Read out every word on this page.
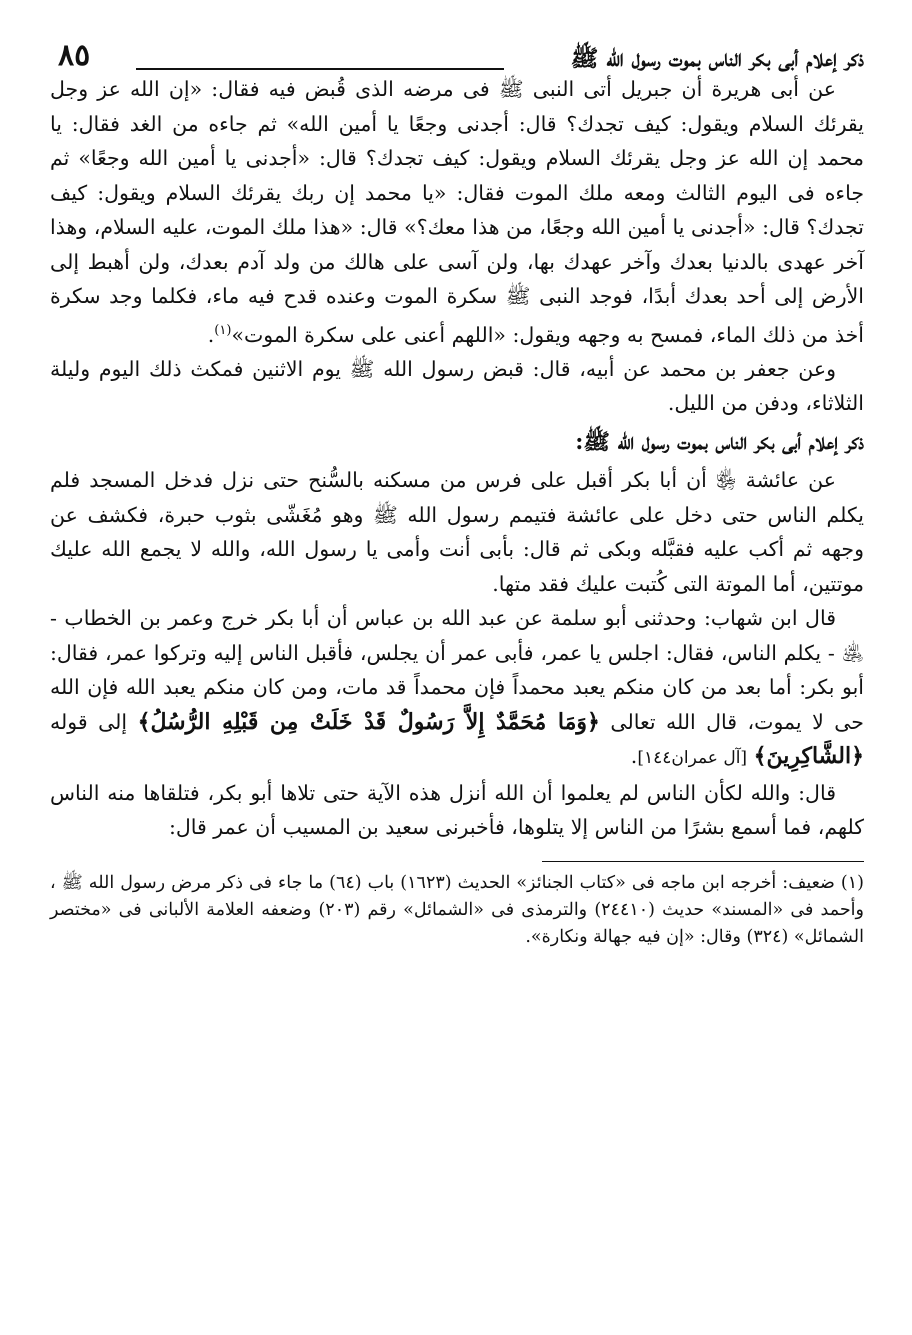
ذكر إعلام أبى بكر الناس بموت رسول الله ﷺ
٨٥

عن أبى هريرة أن جبريل أتى النبى ﷺ فى مرضه الذى قُبض فيه فقال: «إن الله عز وجل يقرئك السلام ويقول: كيف تجدك؟ قال: أجدنى وجعًا يا أمين الله» ثم جاءه من الغد فقال: يا محمد إن الله عز وجل يقرئك السلام ويقول: كيف تجدك؟ قال: «أجدنى يا أمين الله وجعًا» ثم جاءه فى اليوم الثالث ومعه ملك الموت فقال: «يا محمد إن ربك يقرئك السلام ويقول: كيف تجدك؟ قال: «أجدنى يا أمين الله وجعًا، من هذا معك؟» قال: «هذا ملك الموت، عليه السلام، وهذا آخر عهدى بالدنيا بعدك وآخر عهدك بها، ولن آسى على هالك من ولد آدم بعدك، ولن أهبط إلى الأرض إلى أحد بعدك أبدًا، فوجد النبى ﷺ سكرة الموت وعنده قدح فيه ماء، فكلما وجد سكرة أخذ من ذلك الماء، فمسح به وجهه ويقول: «اللهم أعنى على سكرة الموت»$^{(١)}$.

وعن جعفر بن محمد عن أبيه، قال: قبض رسول الله ﷺ يوم الاثنين فمكث ذلك اليوم وليلة الثلاثاء، ودفن من الليل.

ذكر إعلام أبى بكر الناس بموت رسول الله ﷺ:

عن عائشة ﵂ أن أبا بكر أقبل على فرس من مسكنه بالسُّنح حتى نزل فدخل المسجد فلم يكلم الناس حتى دخل على عائشة فتيمم رسول الله ﷺ وهو مُغَشّى بثوب حبرة، فكشف عن وجهه ثم أكب عليه فقبَّله وبكى ثم قال: بأبى أنت وأمى يا رسول الله، والله لا يجمع الله عليك موتتين، أما الموتة التى كُتبت عليك فقد متها.

قال ابن شهاب: وحدثنى أبو سلمة عن عبد الله بن عباس أن أبا بكر خرج وعمر بن الخطاب - ﵁ - يكلم الناس، فقال: اجلس يا عمر، فأبى عمر أن يجلس، فأقبل الناس إليه وتركوا عمر، فقال: أبو بكر: أما بعد من كان منكم يعبد محمداً فإن محمداً قد مات، ومن كان منكم يعبد الله فإن الله حى لا يموت، قال الله تعالى ﴿وَمَا مُحَمَّدٌ إِلاَّ رَسُولٌ قَدْ خَلَتْ مِن قَبْلِهِ الرُّسُلُ﴾ إلى قوله ﴿الشَّاكِرِينَ﴾ [آل عمران١٤٤].

قال: والله لكأن الناس لم يعلموا أن الله أنزل هذه الآية حتى تلاها أبو بكر، فتلقاها منه الناس كلهم، فما أسمع بشرًا من الناس إلا يتلوها، فأخبرنى سعيد بن المسيب أن عمر قال:

(١) ضعيف: أخرجه ابن ماجه فى «كتاب الجنائز» الحديث (١٦٢٣) باب (٦٤) ما جاء فى ذكر مرض رسول الله ﷺ ، وأحمد فى «المسند» حديث (٢٤٤١٠) والترمذى فى «الشمائل» رقم (٢٠٣) وضعفه العلامة الألبانى فى «مختصر الشمائل» (٣٢٤) وقال: «إن فيه جهالة ونكارة».
